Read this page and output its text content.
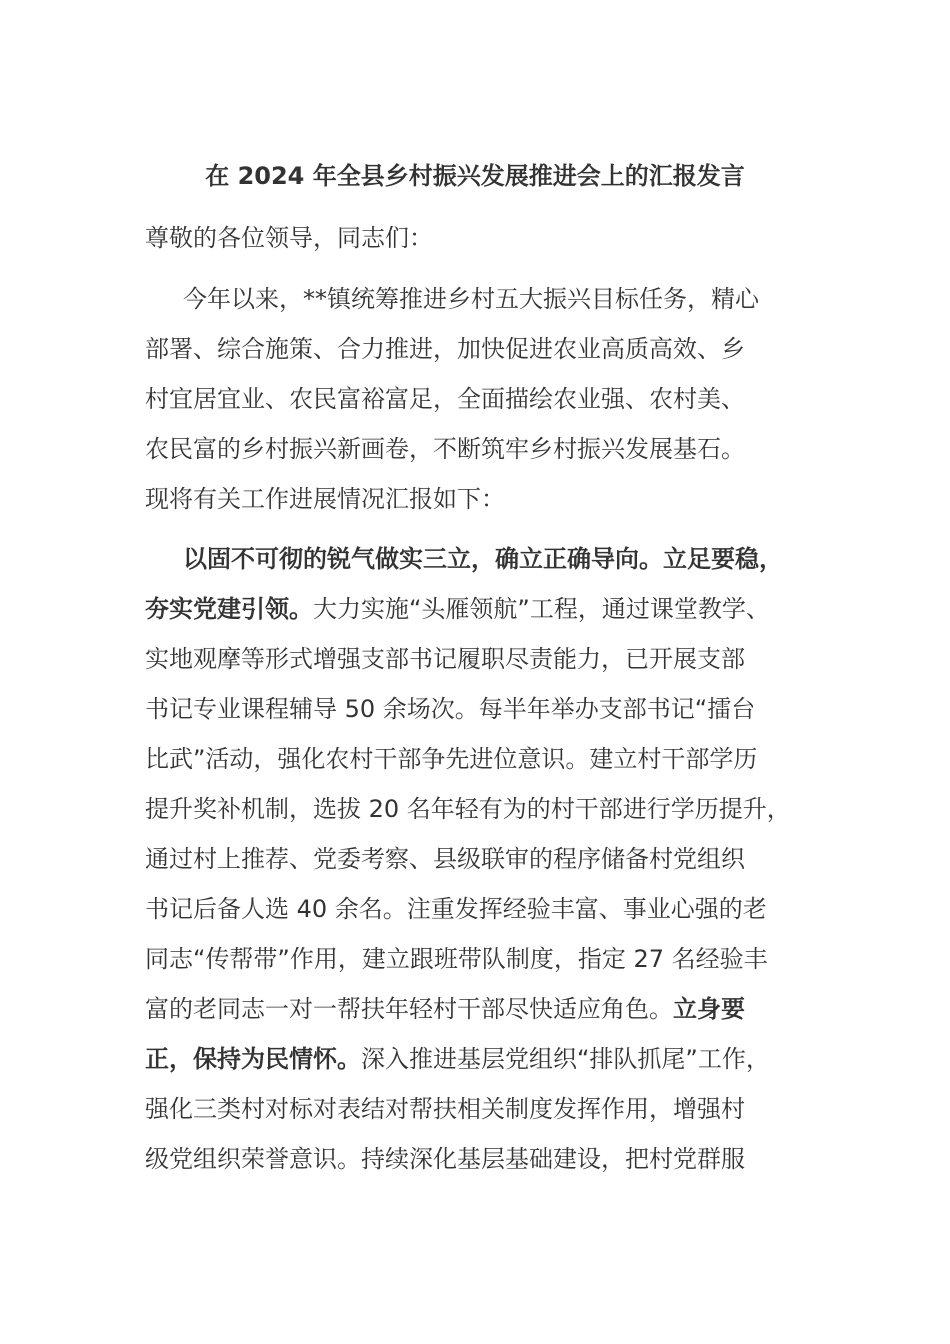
在 2024 年全县乡村振兴发展推进会上的汇报发言

尊敬的各位领导，同志们：

今年以来，**镇统筹推进乡村五大振兴目标任务，精心
部署、综合施策、合力推进，加快促进农业高质高效、乡
村宜居宜业、农民富裕富足，全面描绘农业强、农村美、
农民富的乡村振兴新画卷，不断筑牢乡村振兴发展基石。
现将有关工作进展情况汇报如下：
以固不可彻的锐气做实三立，确立正确导向。立足要稳，
夯实党建引领。大力实施“头雁领航”工程，通过课堂教学、
实地观摩等形式增强支部书记履职尽责能力，已开展支部
书记专业课程辅导 50 余场次。每半年举办支部书记“擂台
比武”活动，强化农村干部争先进位意识。建立村干部学历
提升奖补机制，选拔 20 名年轻有为的村干部进行学历提升，
通过村上推荐、党委考察、县级联审的程序储备村党组织
书记后备人选 40 余名。注重发挥经验丰富、事业心强的老
同志“传帮带”作用，建立跟班带队制度，指定 27 名经验丰
富的老同志一对一帮扶年轻村干部尽快适应角色。立身要
正，保持为民情怀。深入推进基层党组织“排队抓尾”工作，
强化三类村对标对表结对帮扶相关制度发挥作用，增强村
级党组织荣誉意识。持续深化基层基础建设，把村党群服
